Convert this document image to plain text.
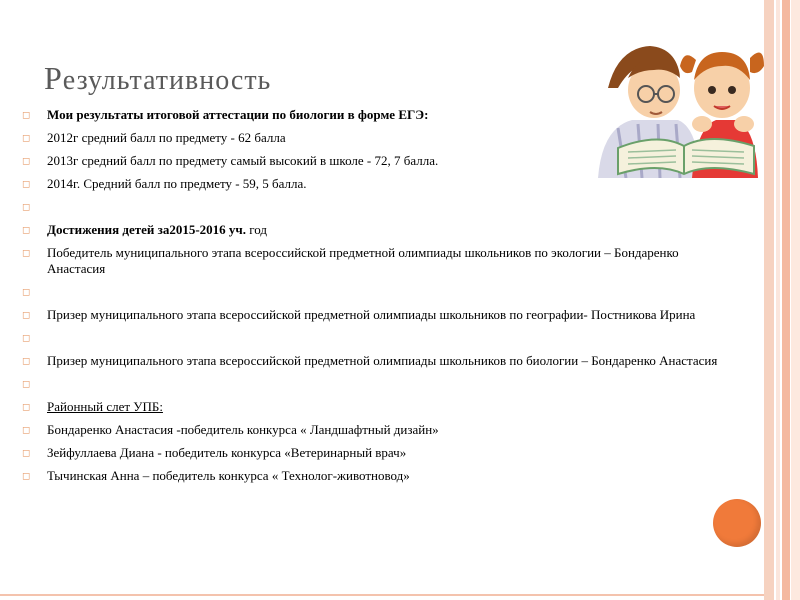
Результативность
◻ Мои результаты итоговой аттестации по биологии в форме ЕГЭ:
◻ 2012г средний балл по предмету - 62 балла
◻ 2013г средний балл по предмету самый высокий в школе - 72, 7 балла.
◻ 2014г. Средний балл по предмету - 59, 5 балла.
◻
◻ Достижения детей за2015-2016 уч. год
◻ Победитель муниципального этапа всероссийской предметной олимпиады школьников по экологии – Бондаренко Анастасия
◻
◻ Призер муниципального этапа всероссийской предметной олимпиады школьников по географии- Постникова Ирина
◻
◻ Призер муниципального этапа всероссийской предметной олимпиады школьников по биологии – Бондаренко Анастасия
◻
◻ Районный слет УПБ:
◻ Бондаренко Анастасия -победитель конкурса « Ландшафтный дизайн»
◻ Зейфуллаева Диана - победитель конкурса «Ветеринарный врач»
◻ Тычинская Анна – победитель конкурса « Технолог-животновод»
